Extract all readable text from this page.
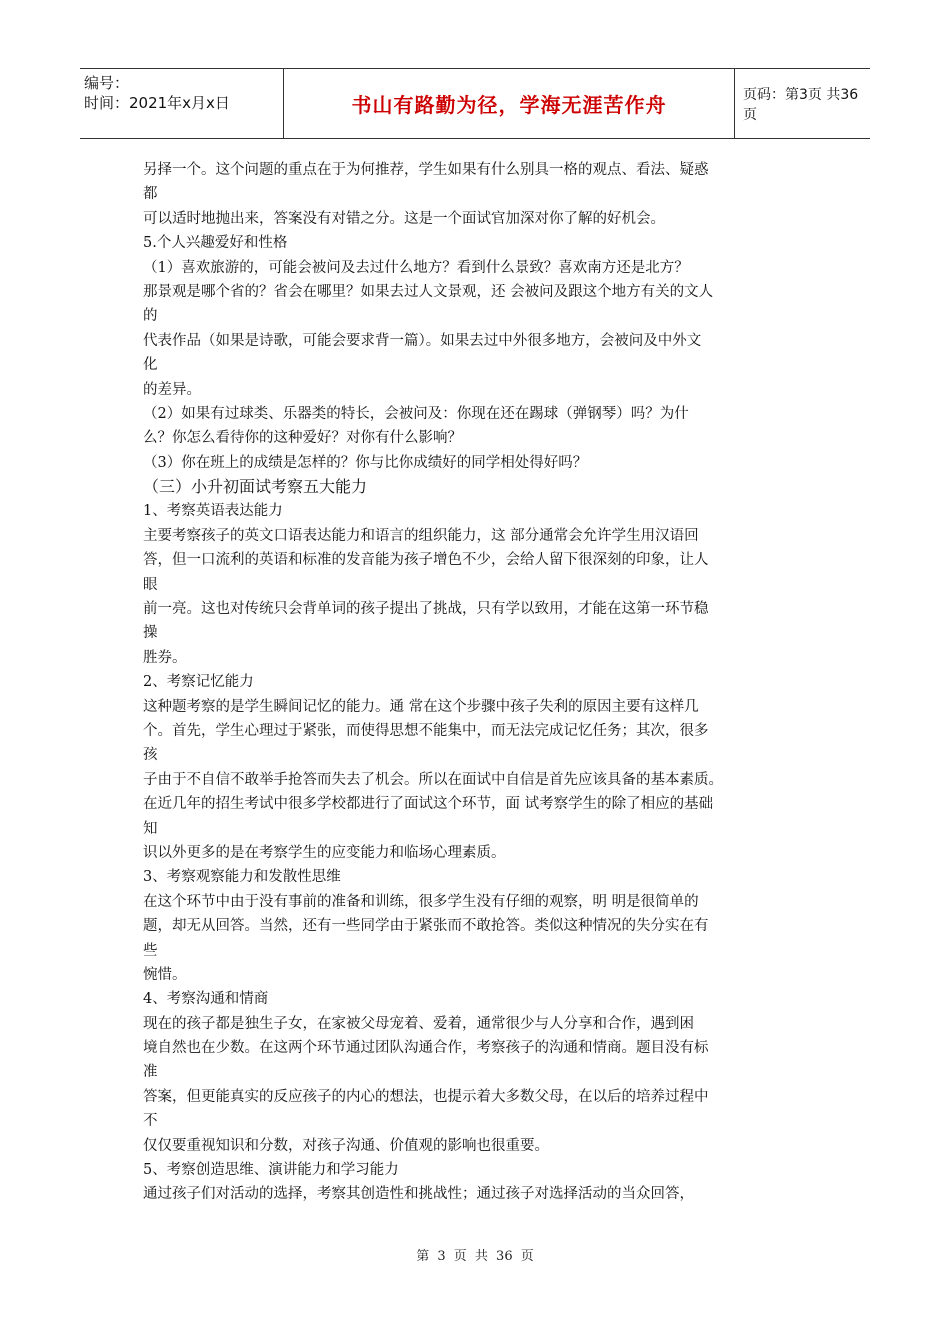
编号：
时间：2021年x月x日	书山有路勤为径，学海无涯苦作舟	页码：第3页 共36页
另择一个。这个问题的重点在于为何推荐，学生如果有什么别具一格的观点、看法、疑惑
都
可以适时地抛出来，答案没有对错之分。这是一个面试官加深对你了解的好机会。
5.个人兴趣爱好和性格
（1）喜欢旅游的，可能会被问及去过什么地方？看到什么景致？喜欢南方还是北方？
那景观是哪个省的？省会在哪里？如果去过人文景观，还 会被问及跟这个地方有关的文人
的
代表作品（如果是诗歌，可能会要求背一篇）。如果去过中外很多地方，会被问及中外文
化
的差异。
（2）如果有过球类、乐器类的特长，会被问及：你现在还在踢球（弹钢琴）吗？为什
么？你怎么看待你的这种爱好？对你有什么影响？
（3）你在班上的成绩是怎样的？你与比你成绩好的同学相处得好吗？
（三）小升初面试考察五大能力
1、考察英语表达能力
主要考察孩子的英文口语表达能力和语言的组织能力，这 部分通常会允许学生用汉语回
答，但一口流利的英语和标准的发音能为孩子增色不少，会给人留下很深刻的印象，让人
眼
前一亮。这也对传统只会背单词的孩子提出了挑战，只有学以致用，才能在这第一环节稳
操
胜券。
2、考察记忆能力
这种题考察的是学生瞬间记忆的能力。通 常在这个步骤中孩子失利的原因主要有这样几
个。首先，学生心理过于紧张，而使得思想不能集中，而无法完成记忆任务；其次，很多
孩
子由于不自信不敢举手抢答而失去了机会。所以在面试中自信是首先应该具备的基本素质。
在近几年的招生考试中很多学校都进行了面试这个环节，面 试考察学生的除了相应的基础
知
识以外更多的是在考察学生的应变能力和临场心理素质。
3、考察观察能力和发散性思维
在这个环节中由于没有事前的准备和训练，很多学生没有仔细的观察，明 明是很简单的
题，却无从回答。当然，还有一些同学由于紧张而不敢抢答。类似这种情况的失分实在有
些
惋惜。
4、考察沟通和情商
现在的孩子都是独生子女，在家被父母宠着、爱着，通常很少与人分享和合作，遇到困
境自然也在少数。在这两个环节通过团队沟通合作，考察孩子的沟通和情商。题目没有标
准
答案，但更能真实的反应孩子的内心的想法，也提示着大多数父母，在以后的培养过程中
不
仅仅要重视知识和分数，对孩子沟通、价值观的影响也很重要。
5、考察创造思维、演讲能力和学习能力
通过孩子们对活动的选择，考察其创造性和挑战性；通过孩子对选择活动的当众回答，
第 3 页 共 36 页
